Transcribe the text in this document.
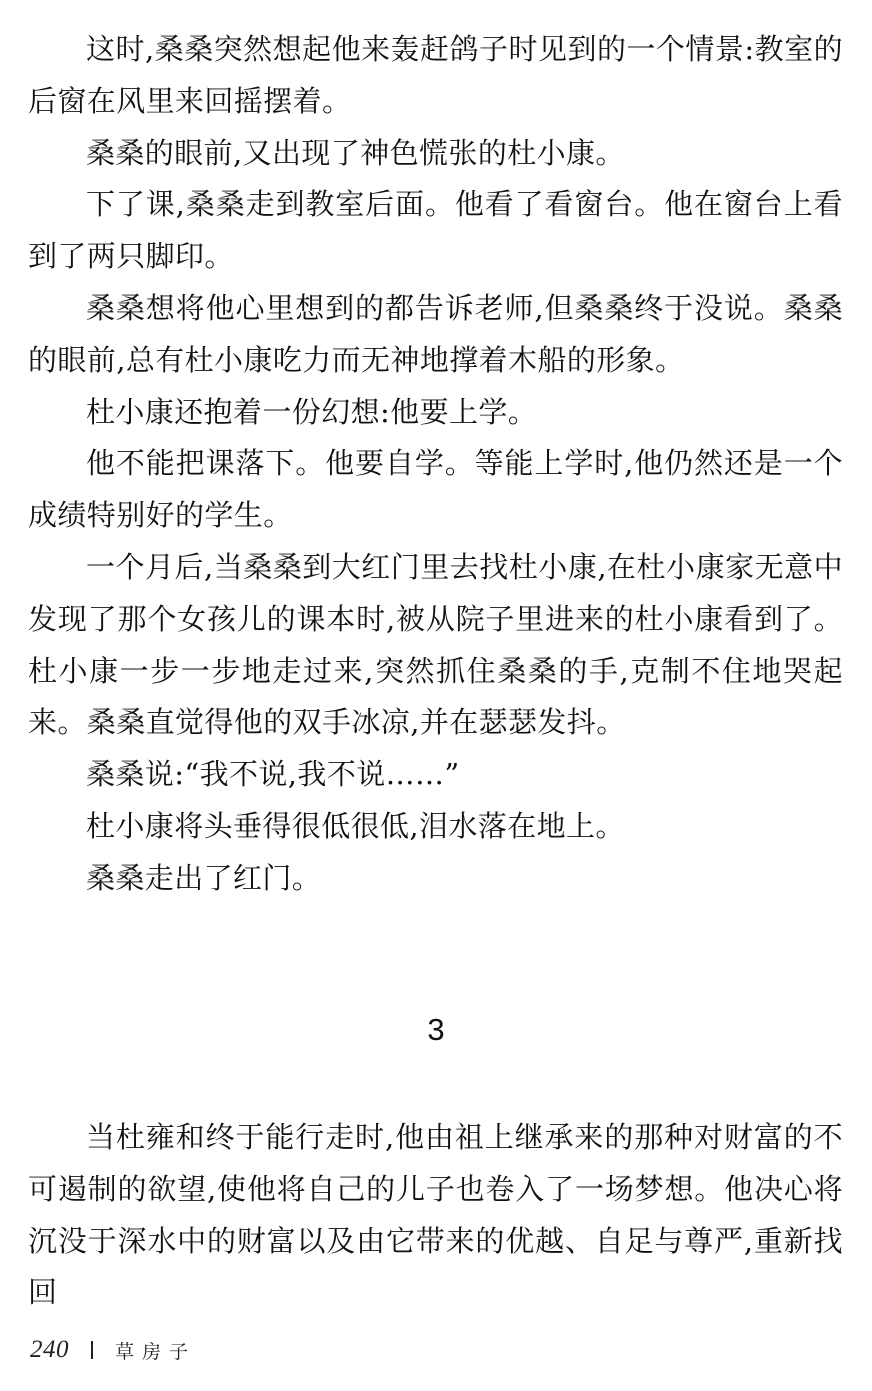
这时,桑桑突然想起他来轰赶鸽子时见到的一个情景:教室的后窗在风里来回摇摆着。

桑桑的眼前,又出现了神色慌张的杜小康。

下了课,桑桑走到教室后面。他看了看窗台。他在窗台上看到了两只脚印。

桑桑想将他心里想到的都告诉老师,但桑桑终于没说。桑桑的眼前,总有杜小康吃力而无神地撑着木船的形象。

杜小康还抱着一份幻想:他要上学。

他不能把课落下。他要自学。等能上学时,他仍然还是一个成绩特别好的学生。

一个月后,当桑桑到大红门里去找杜小康,在杜小康家无意中发现了那个女孩儿的课本时,被从院子里进来的杜小康看到了。杜小康一步一步地走过来,突然抓住桑桑的手,克制不住地哭起来。桑桑直觉得他的双手冰凉,并在瑟瑟发抖。

桑桑说:“我不说,我不说……”

杜小康将头垂得很低很低,泪水落在地上。

桑桑走出了红门。

3

当杜雍和终于能行走时,他由祖上继承来的那种对财富的不可遏制的欲望,使他将自己的儿子也卷入了一场梦想。他决心将沉没于深水中的财富以及由它带来的优越、自足与尊严,重新找回

240 草房子
